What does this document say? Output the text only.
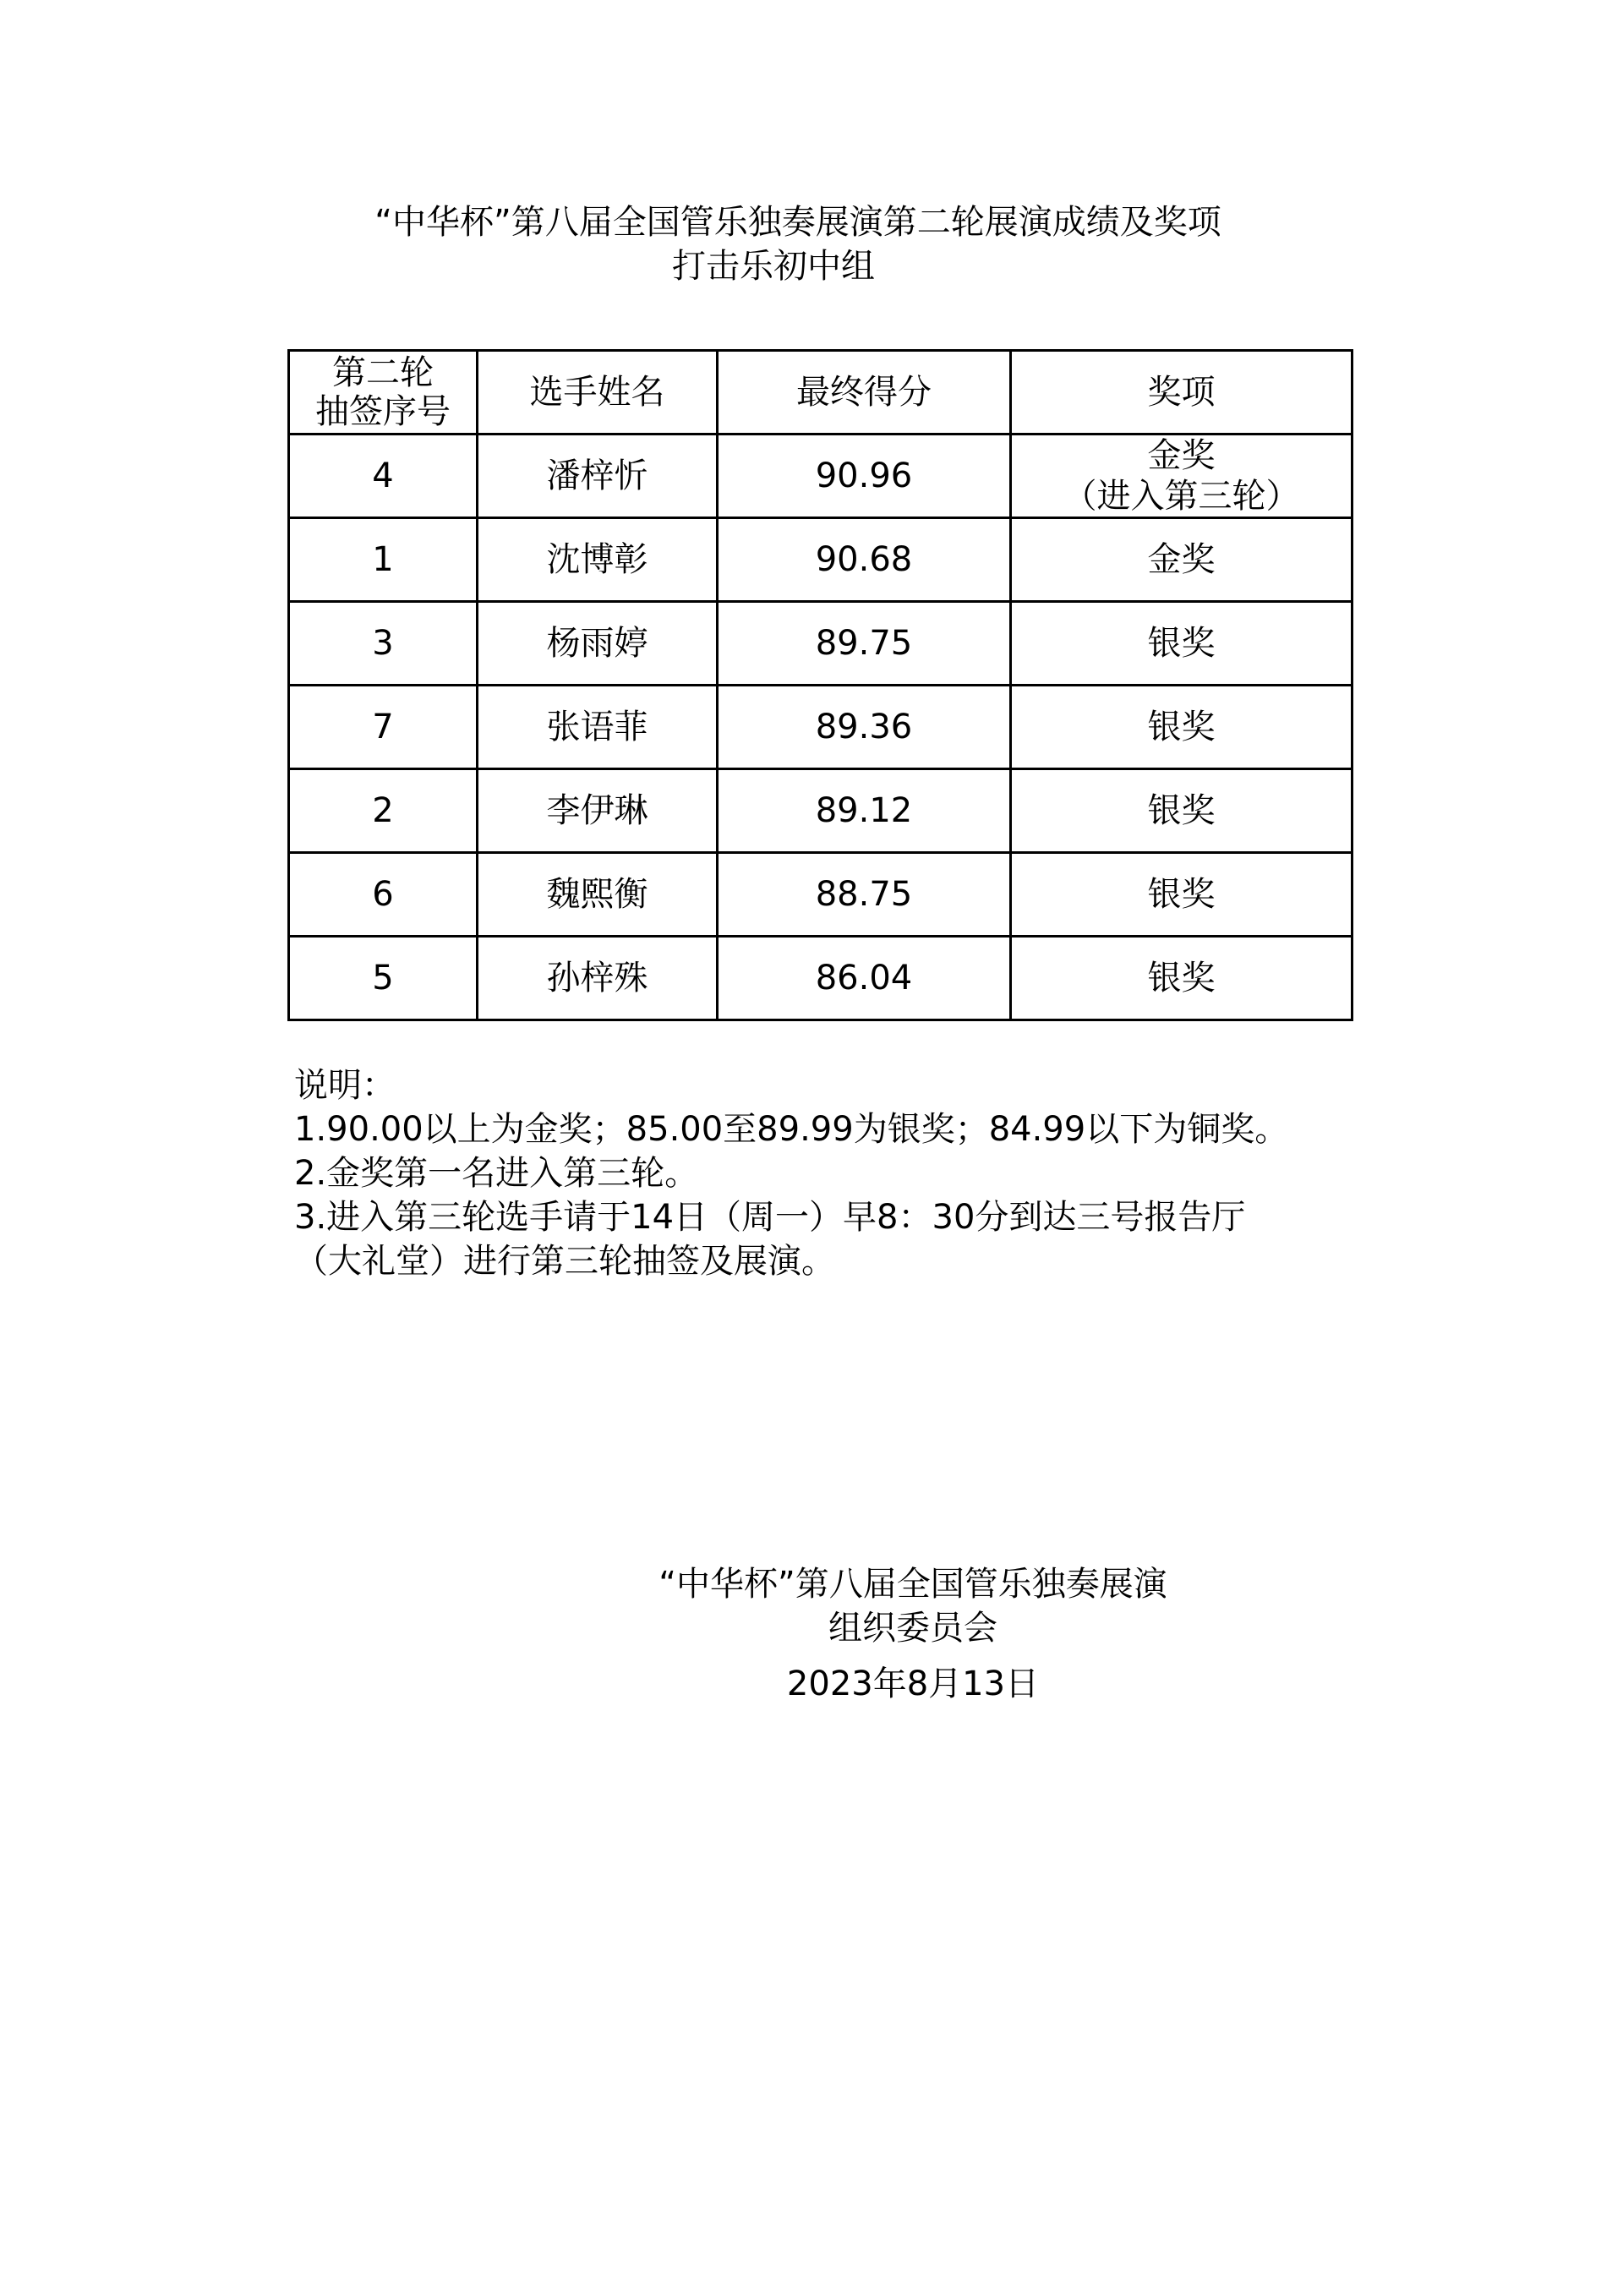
“中华杯”第八届全国管乐独奏展演第二轮展演成绩及奖项
打击乐初中组
第二轮
抽签序号	选手姓名	最终得分	奖项
4	潘梓忻	90.96	金奖
（进入第三轮）

1	沈博彰	90.68	金奖
3	杨雨婷	89.75	银奖
7	张语菲	89.36	银奖
2	李伊琳	89.12	银奖
6	魏熙衡	88.75	银奖
5	孙梓殊	86.04	银奖
说明：
1.90.00以上为金奖；85.00至89.99为银奖；84.99以下为铜奖。
2.金奖第一名进入第三轮。
3.进入第三轮选手请于14日（周一）早8：30分到达三号报告厅
（大礼堂）进行第三轮抽签及展演。
“中华杯”第八届全国管乐独奏展演
组织委员会
2023年8月13日
